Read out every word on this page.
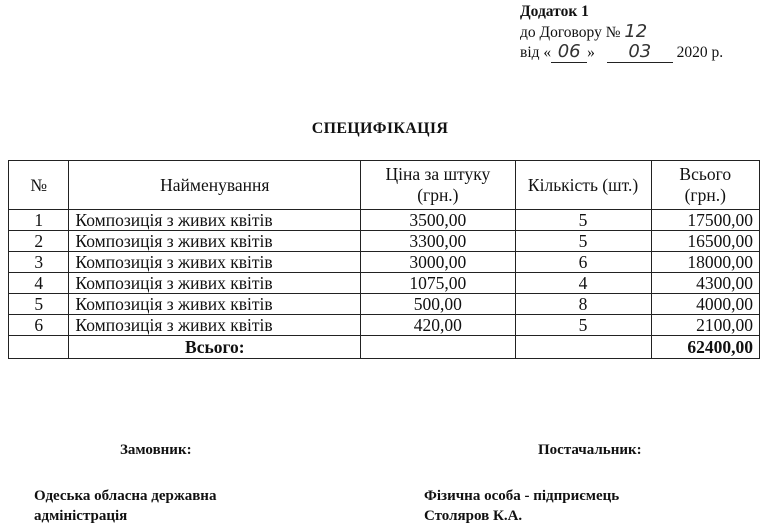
Додаток 1
до Договору № 12
від « 06 » 03 2020 р.
СПЕЦИФІКАЦІЯ
№	Найменування	Ціна за штуку (грн.)	Кількість (шт.)	Всього (грн.)
1	Композиція з живих квітів	3500,00	5	17500,00
2	Композиція з живих квітів	3300,00	5	16500,00
3	Композиція з живих квітів	3000,00	6	18000,00
4	Композиція з живих квітів	1075,00	4	4300,00
5	Композиція з живих квітів	500,00	8	4000,00
6	Композиція з живих квітів	420,00	5	2100,00
	Всього:			62400,00
Замовник:	Постачальник:
Одеська обласна державна
адміністрація
Фізична особа - підприємець
Столяров К.А.
